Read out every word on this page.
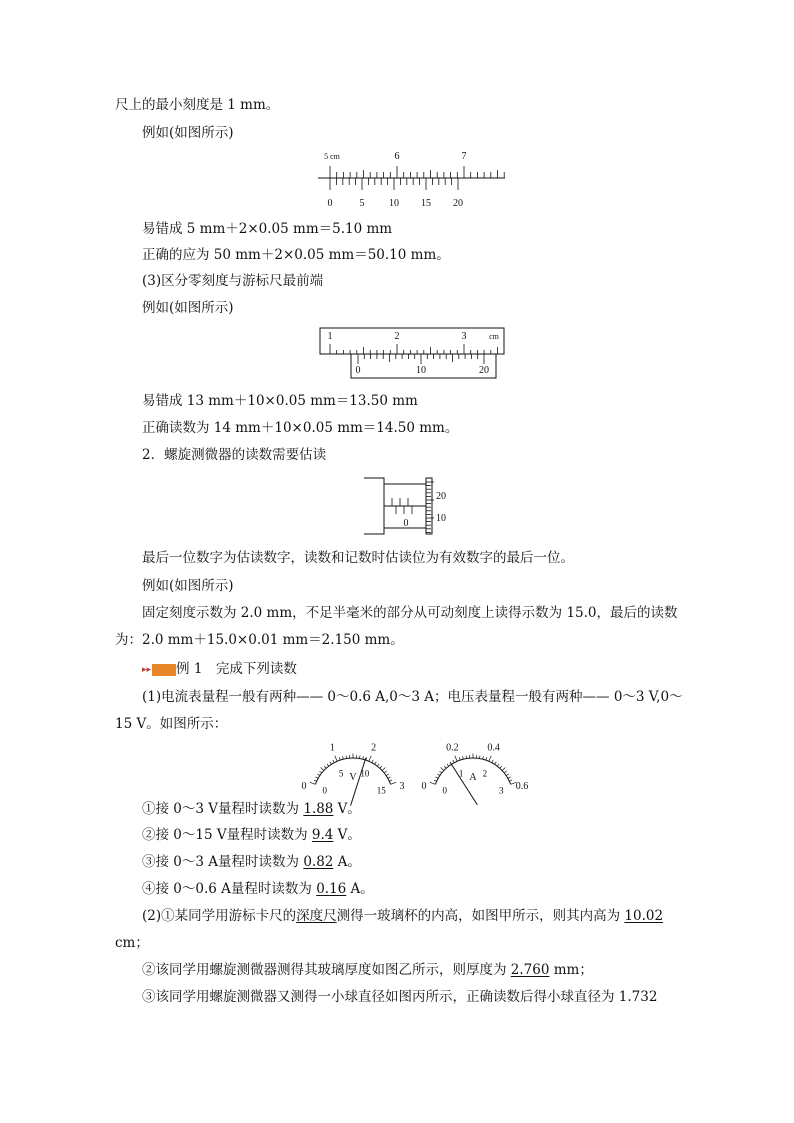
尺上的最小刻度是 1 mm。
例如(如图所示)
5 cm	6	7
0	5 10 15 20
易错成 5 mm＋2×0.05 mm＝5.10 mm
正确的应为 50 mm＋2×0.05 mm＝50.10 mm。
(3)区分零刻度与游标尺最前端
例如(如图所示)
1	2	3	cm
0	10	20
易错成 13 mm＋10×0.05 mm＝13.50 mm
正确读数为 14 mm＋10×0.05 mm＝14.50 mm。
2．螺旋测微器的读数需要估读
0
20
10
最后一位数字为估读数字，读数和记数时估读位为有效数字的最后一位。
例如(如图所示)
固定刻度示数为 2.0 mm，不足半毫米的部分从可动刻度上读得示数为 15.0，最后的读数
为：2.0 mm＋15.0×0.01 mm＝2.150 mm。
▸▸ 例 1　完成下列读数
(1)电流表量程一般有两种—— 0～0.6 A,0～3 A；电压表量程一般有两种—— 0～3 V,0～
15 V。如图所示：
1	2
0	3
0
5 10
15
V
0.2	0.4
0	0.6
0
1 2
3
A
①接 0～3 V量程时读数为 1.88 V。
②接 0～15 V量程时读数为 9.4 V。
③接 0～3 A量程时读数为 0.82 A。
④接 0～0.6 A量程时读数为 0.16 A。
(2)①某同学用游标卡尺的深度尺测得一玻璃杯的内高，如图甲所示，则其内高为 10.02
cm；
②该同学用螺旋测微器测得其玻璃厚度如图乙所示，则厚度为 2.760 mm；
③该同学用螺旋测微器又测得一小球直径如图丙所示，正确读数后得小球直径为 1.732
